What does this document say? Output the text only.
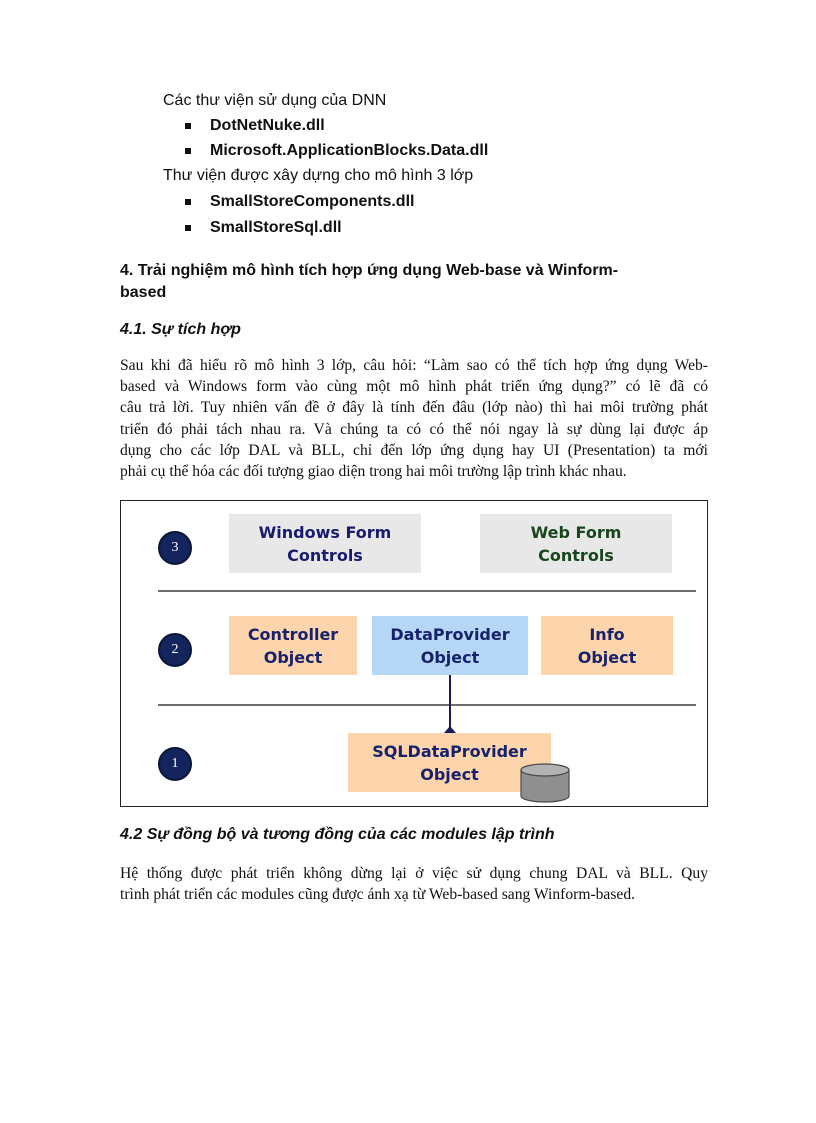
Các thư viện sử dụng của DNN
DotNetNuke.dll
Microsoft.ApplicationBlocks.Data.dll
Thư viện được xây dựng cho mô hình 3 lớp
SmallStoreComponents.dll
SmallStoreSql.dll
4. Trải nghiệm mô hình tích hợp ứng dụng Web-base và Winform-
based
4.1. Sự tích hợp
Sau khi đã hiểu rõ mô hình 3 lớp, câu hỏi: “Làm sao có thể tích hợp ứng dụng Web-
based và Windows form vào cùng một mô hình phát triển ứng dụng?” có lẽ đã có
câu trả lời. Tuy nhiên vấn đề ở đây là tính đến đâu (lớp nào) thì hai môi trường phát
triển đó phải tách nhau ra. Và chúng ta có có thể nói ngay là sự dùng lại được áp
dụng cho các lớp DAL và BLL, chỉ đến lớp ứng dụng hay UI (Presentation) ta mới
phải cụ thể hóa các đối tượng giao diện trong hai môi trường lập trình khác nhau.
3
2
1
Windows Form
Controls
Web Form
Controls
Controller
Object
DataProvider
Object
Info
Object
SQLDataProvider
Object
4.2 Sự đồng bộ và tương đồng của các modules lập trình
Hệ thống được phát triển không dừng lại ở việc sử dụng chung DAL và BLL. Quy
trình phát triển các modules cũng được ánh xạ từ Web-based sang Winform-based.
